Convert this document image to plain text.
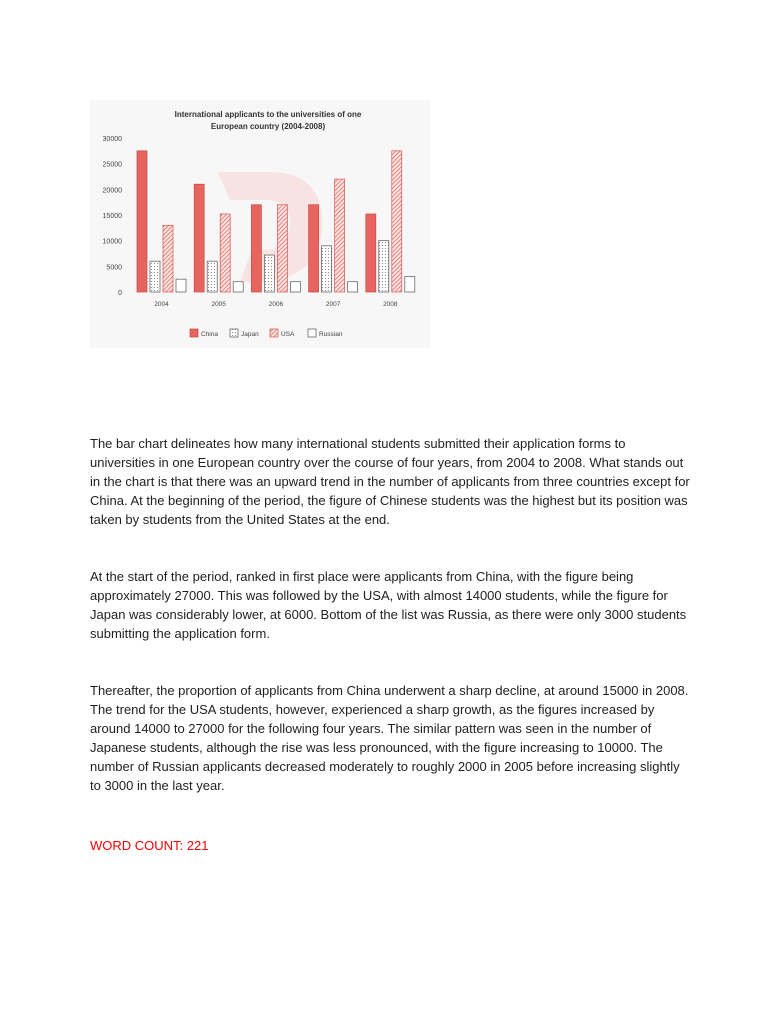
International applicants to the universities of one
European country (2004-2008)
0
5000
10000
15000
20000
25000
30000
2004	2005	2006	2007	2008
China	Japan	USA	Russian

The bar chart delineates how many international students submitted their application forms to universities in one European country over the course of four years, from 2004 to 2008. What stands out in the chart is that there was an upward trend in the number of applicants from three countries except for China. At the beginning of the period, the figure of Chinese students was the highest but its position was taken by students from the United States at the end.

At the start of the period, ranked in first place were applicants from China, with the figure being approximately 27000. This was followed by the USA, with almost 14000 students, while the figure for Japan was considerably lower, at 6000. Bottom of the list was Russia, as there were only 3000 students submitting the application form.

Thereafter, the proportion of applicants from China underwent a sharp decline, at around 15000 in 2008. The trend for the USA students, however, experienced a sharp growth, as the figures increased by around 14000 to 27000 for the following four years. The similar pattern was seen in the number of Japanese students, although the rise was less pronounced, with the figure increasing to 10000. The number of Russian applicants decreased moderately to roughly 2000 in 2005 before increasing slightly to 3000 in the last year.

WORD COUNT: 221
